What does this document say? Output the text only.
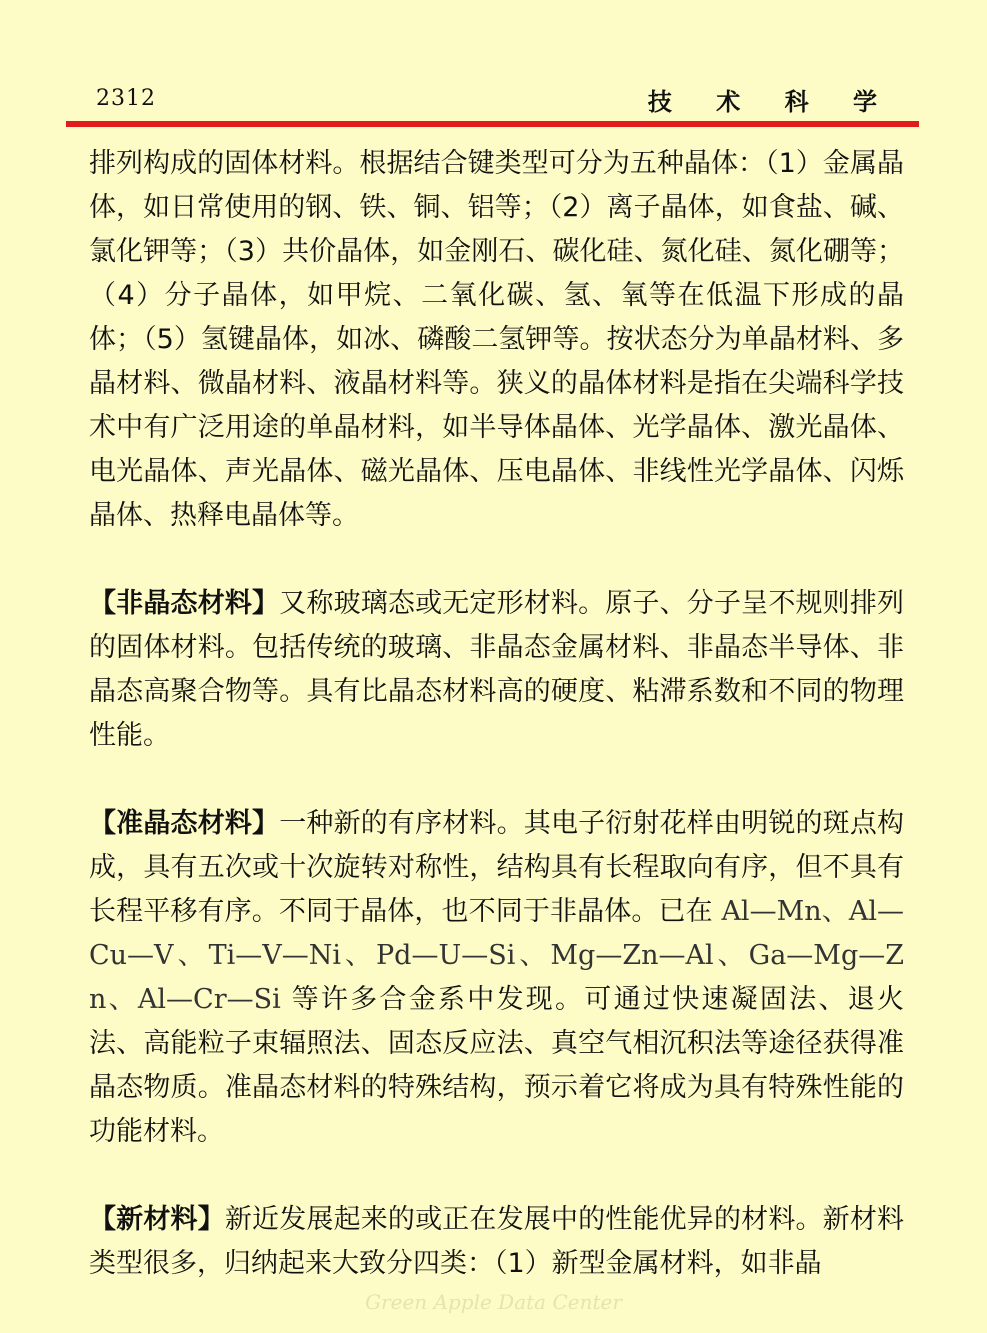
2312	技 术 科 学

排列构成的固体材料。根据结合键类型可分为五种晶体：（1）金属晶体，如日常使用的钢、铁、铜、铝等；（2）离子晶体，如食盐、碱、氯化钾等；（3）共价晶体，如金刚石、碳化硅、氮化硅、氮化硼等；（4）分子晶体，如甲烷、二氧化碳、氢、氧等在低温下形成的晶体；（5）氢键晶体，如冰、磷酸二氢钾等。按状态分为单晶材料、多晶材料、微晶材料、液晶材料等。狭义的晶体材料是指在尖端科学技术中有广泛用途的单晶材料，如半导体晶体、光学晶体、激光晶体、电光晶体、声光晶体、磁光晶体、压电晶体、非线性光学晶体、闪烁晶体、热释电晶体等。

【非晶态材料】又称玻璃态或无定形材料。原子、分子呈不规则排列的固体材料。包括传统的玻璃、非晶态金属材料、非晶态半导体、非晶态高聚合物等。具有比晶态材料高的硬度、粘滞系数和不同的物理性能。

【准晶态材料】一种新的有序材料。其电子衍射花样由明锐的斑点构成，具有五次或十次旋转对称性，结构具有长程取向有序，但不具有长程平移有序。不同于晶体，也不同于非晶体。已在 Al—Mn、Al—Cu—V、Ti—V—Ni、Pd—U—Si、Mg—Zn—Al、Ga—Mg—Zn、Al—Cr—Si 等许多合金系中发现。可通过快速凝固法、退火法、高能粒子束辐照法、固态反应法、真空气相沉积法等途径获得准晶态物质。准晶态材料的特殊结构，预示着它将成为具有特殊性能的功能材料。

【新材料】新近发展起来的或正在发展中的性能优异的材料。新材料类型很多，归纳起来大致分四类：（1）新型金属材料，如非晶

Green Apple Data Center
